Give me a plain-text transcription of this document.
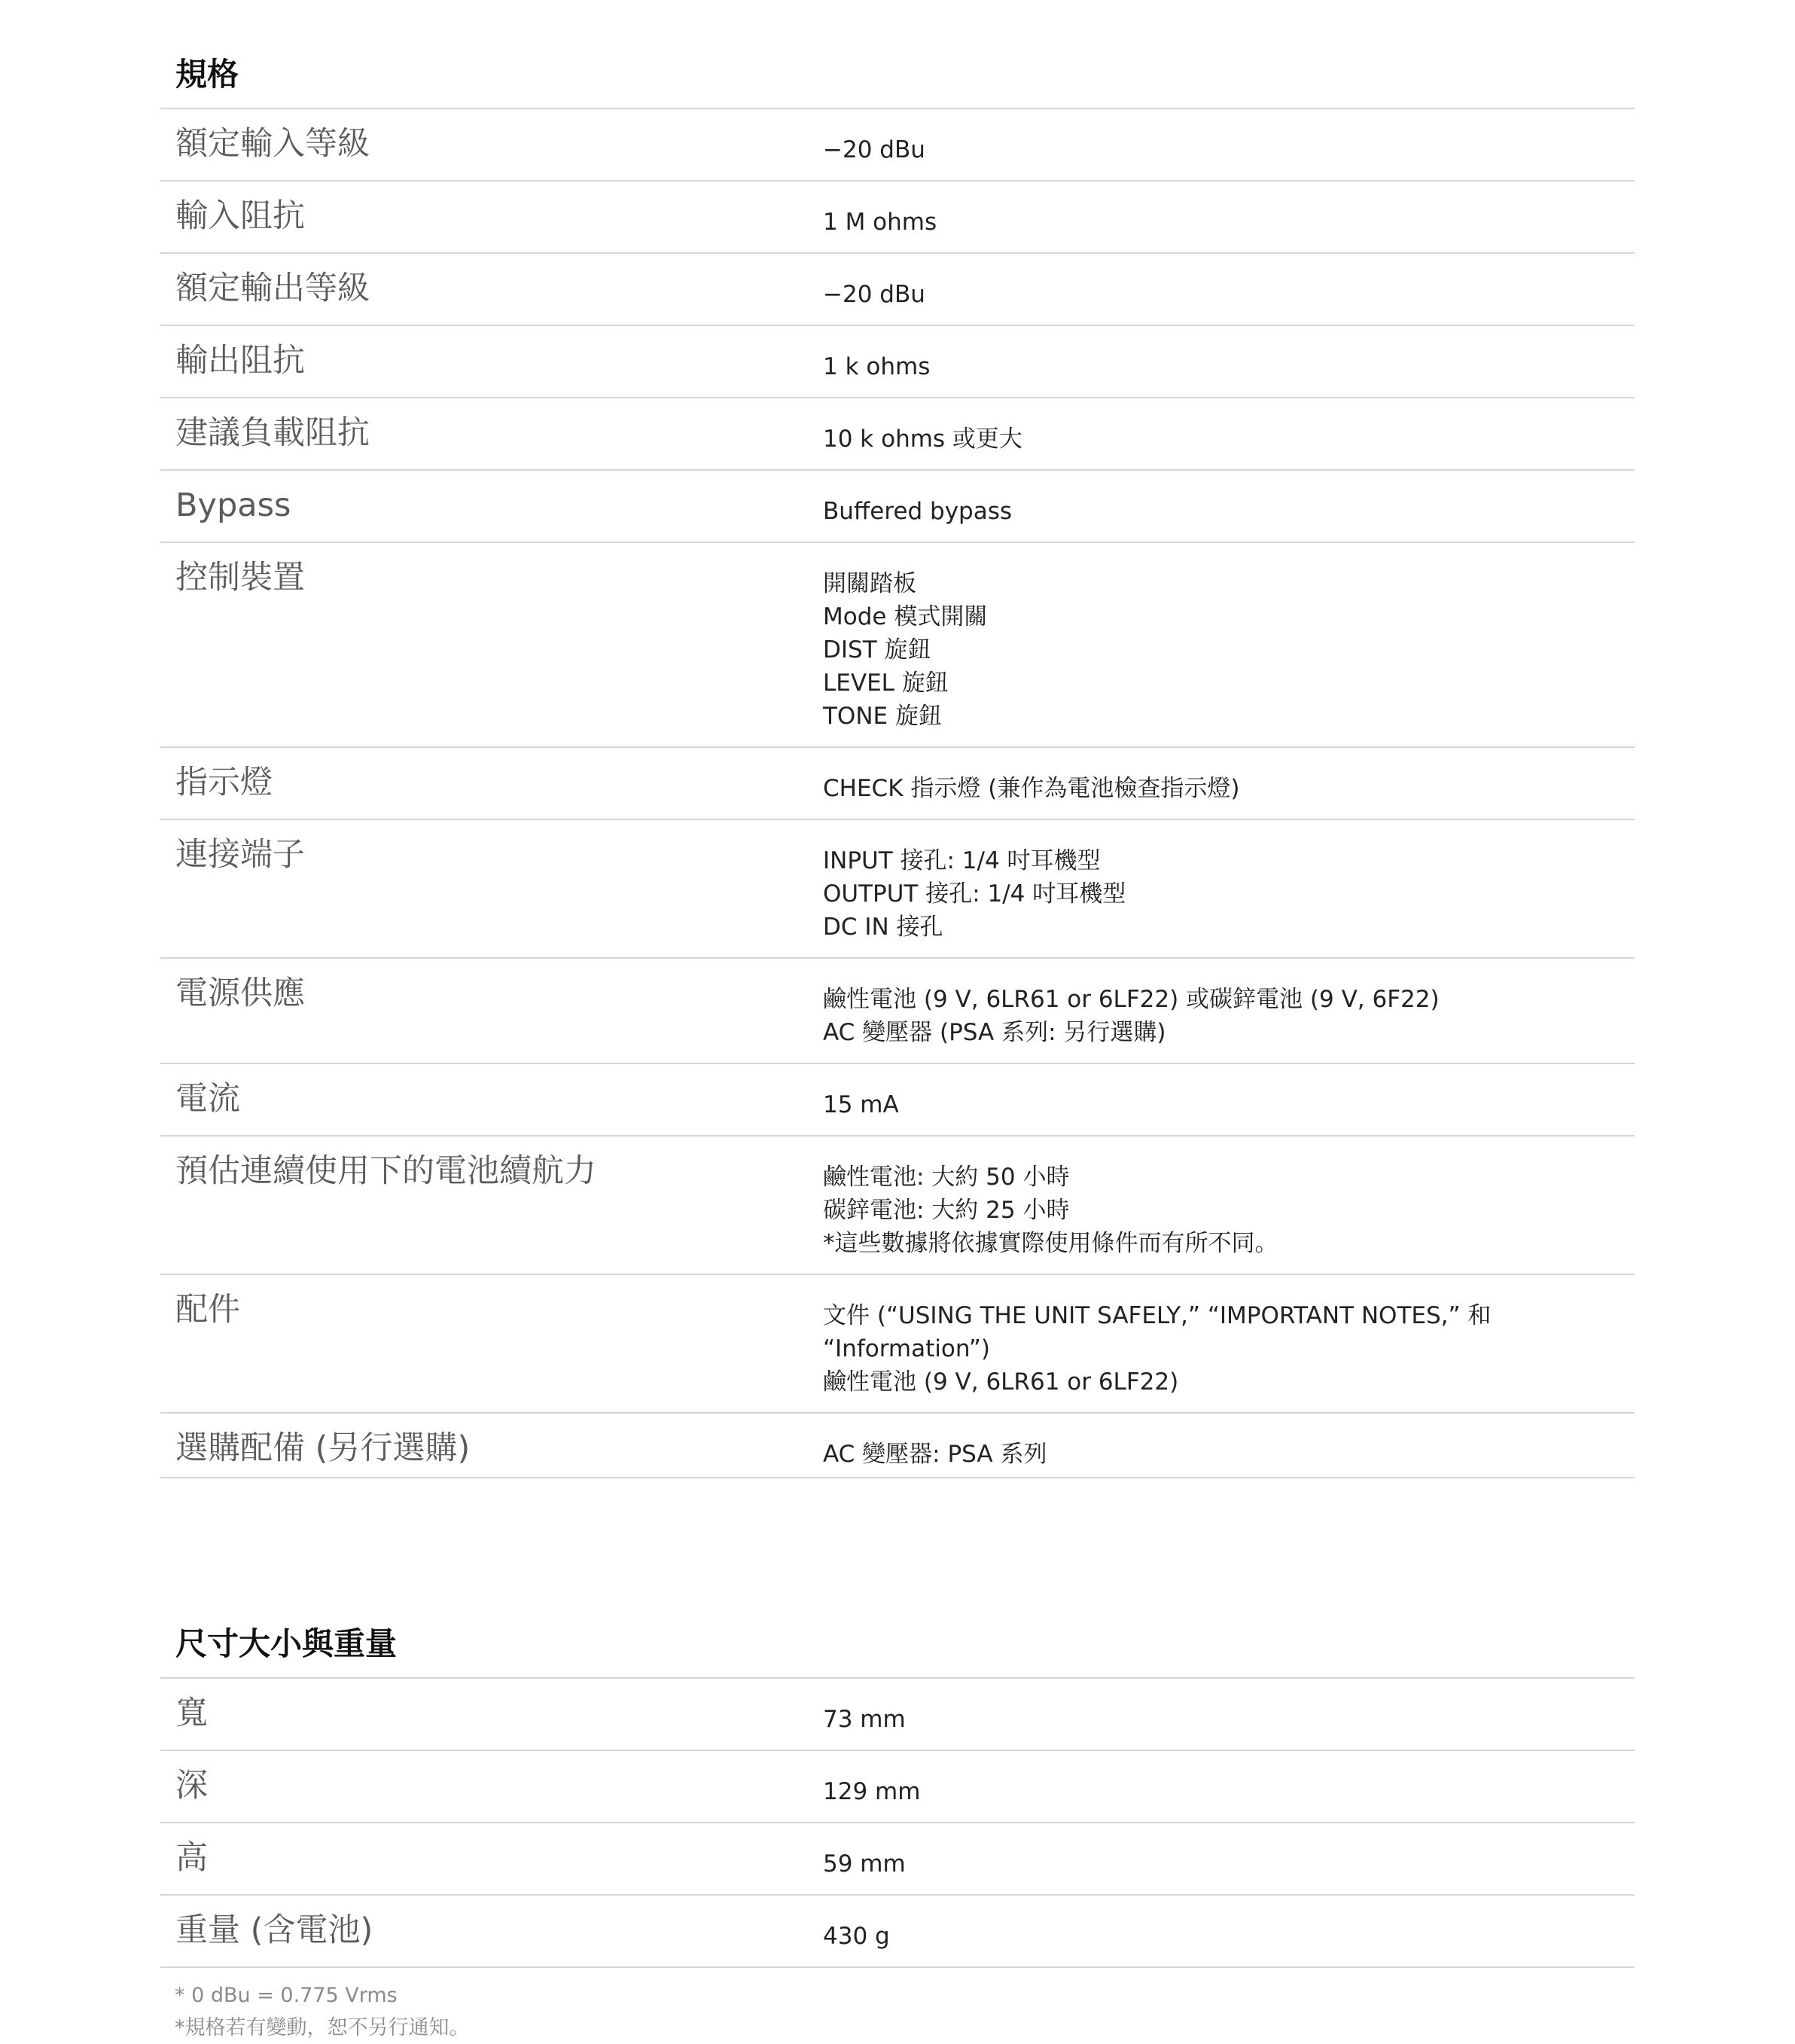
規格
額定輸入等級	−20 dBu
輸入阻抗	1 M ohms
額定輸出等級	−20 dBu
輸出阻抗	1 k ohms
建議負載阻抗	10 k ohms 或更大
Bypass	Buffered bypass
控制裝置	開關踏板
Mode 模式開關
DIST 旋鈕
LEVEL 旋鈕
TONE 旋鈕
指示燈	CHECK 指示燈 (兼作為電池檢查指示燈)
連接端子	INPUT 接孔: 1/4 吋耳機型
OUTPUT 接孔: 1/4 吋耳機型
DC IN 接孔
電源供應	鹼性電池 (9 V, 6LR61 or 6LF22) 或碳鋅電池 (9 V, 6F22)
AC 變壓器 (PSA 系列: 另行選購)
電流	15 mA
預估連續使用下的電池續航力	鹼性電池: 大約 50 小時
碳鋅電池: 大約 25 小時
*這些數據將依據實際使用條件而有所不同。
配件	文件 (“USING THE UNIT SAFELY,” “IMPORTANT NOTES,” 和
“Information”)
鹼性電池 (9 V, 6LR61 or 6LF22)
選購配備 (另行選購)	AC 變壓器: PSA 系列
尺寸大小與重量
寬	73 mm
深	129 mm
高	59 mm
重量 (含電池)	430 g
* 0 dBu = 0.775 Vrms
*規格若有變動，恕不另行通知。
